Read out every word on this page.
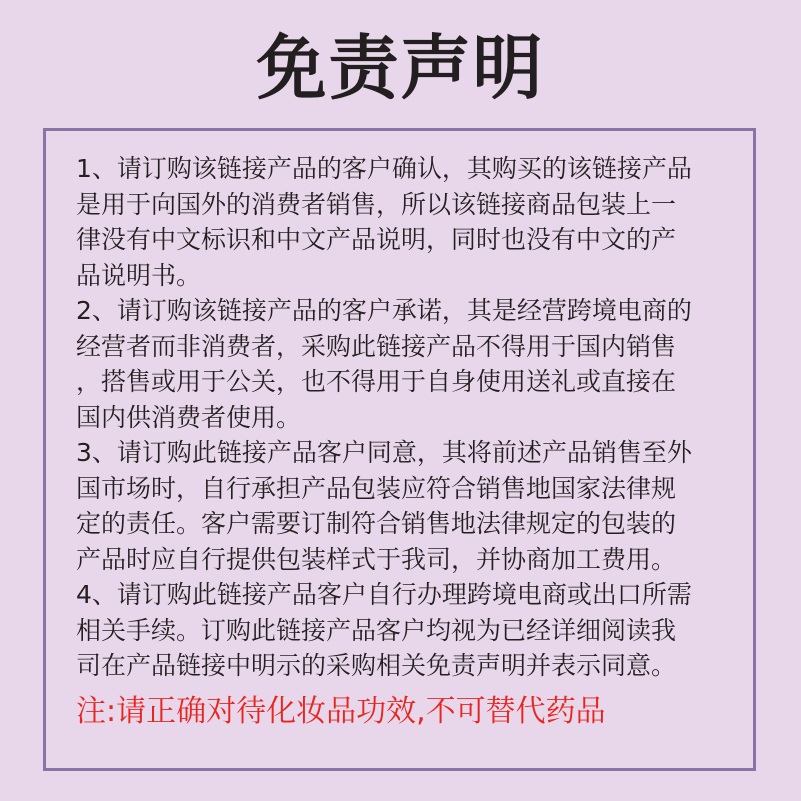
免责声明
1、请订购该链接产品的客户确认，其购买的该链接产品
是用于向国外的消费者销售，所以该链接商品包装上一
律没有中文标识和中文产品说明，同时也没有中文的产
品说明书。
2、请订购该链接产品的客户承诺，其是经营跨境电商的
经营者而非消费者，采购此链接产品不得用于国内销售
，搭售或用于公关，也不得用于自身使用送礼或直接在
国内供消费者使用。
3、请订购此链接产品客户同意，其将前述产品销售至外
国市场时，自行承担产品包装应符合销售地国家法律规
定的责任。客户需要订制符合销售地法律规定的包装的
产品时应自行提供包装样式于我司，并协商加工费用。
4、请订购此链接产品客户自行办理跨境电商或出口所需
相关手续。订购此链接产品客户均视为已经详细阅读我
司在产品链接中明示的采购相关免责声明并表示同意。
注:请正确对待化妆品功效,不可替代药品
